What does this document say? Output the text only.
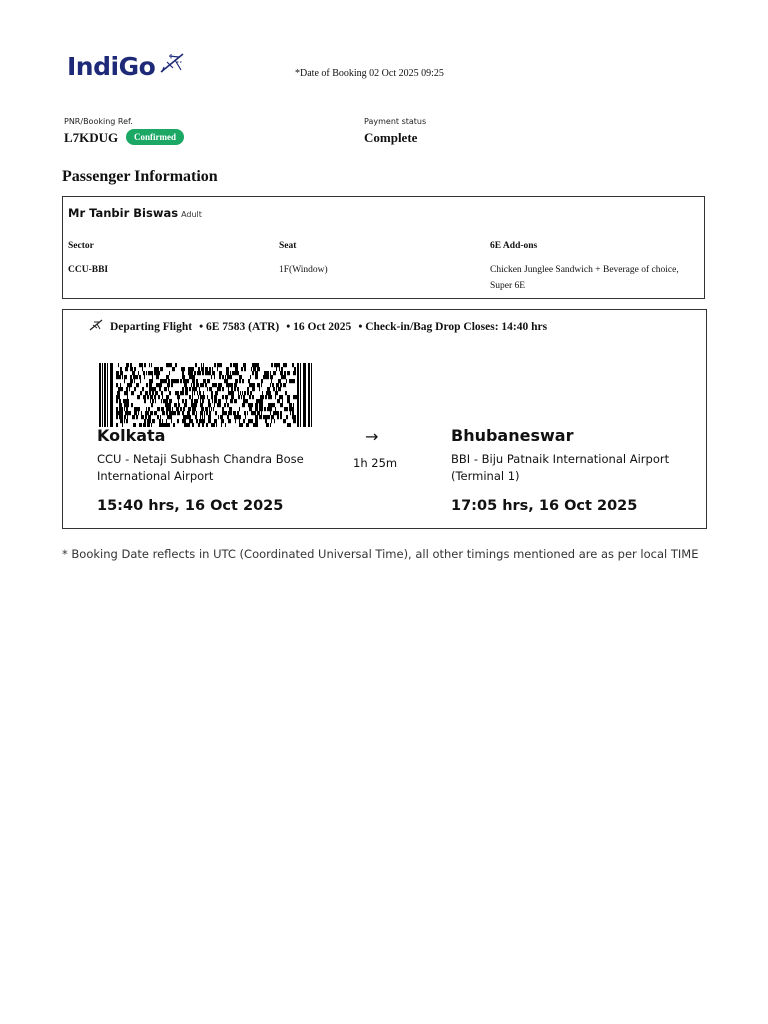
IndiGo	*Date of Booking 02 Oct 2025 09:25
PNR/Booking Ref.
L7KDUG	Confirmed
Payment status
Complete
Passenger Information
Mr Tanbir Biswas Adult
Sector
CCU-BBI
Seat
1F(Window)
6E Add-ons
Chicken Junglee Sandwich + Beverage of choice, Super 6E
Departing Flight • 6E 7583 (ATR) • 16 Oct 2025 • Check-in/Bag Drop Closes: 14:40 hrs
Kolkata
CCU - Netaji Subhash Chandra Bose International Airport
15:40 hrs, 16 Oct 2025
→
1h 25m
Bhubaneswar
BBI - Biju Patnaik International Airport (Terminal 1)
17:05 hrs, 16 Oct 2025
* Booking Date reflects in UTC (Coordinated Universal Time), all other timings mentioned are as per local TIME
